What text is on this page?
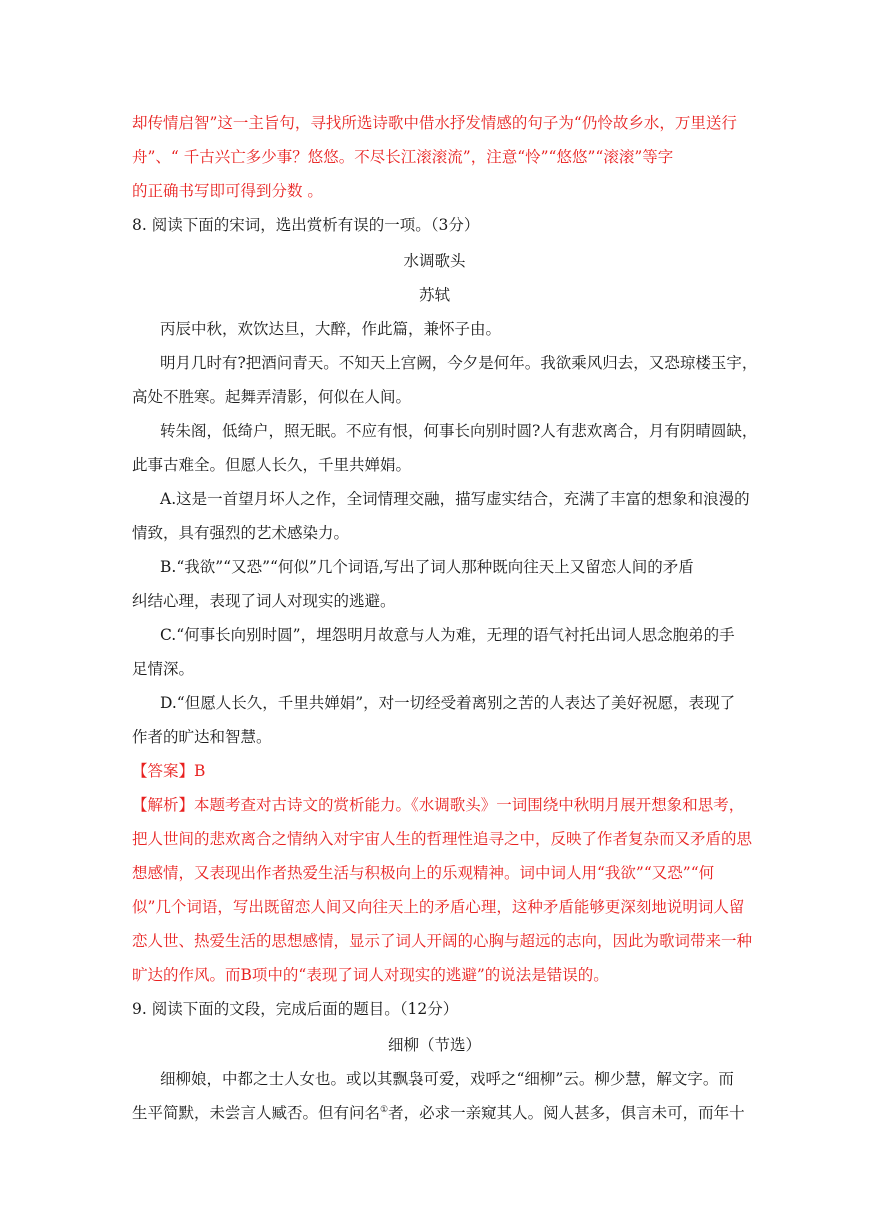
却传情启智”这一主旨句，寻找所选诗歌中借水抒发情感的句子为“仍怜故乡水，万里送行
舟”、“ 千古兴亡多少事？悠悠。不尽长江滚滚流”，注意“怜”“悠悠”“滚滚”等字
的正确书写即可得到分数 。
8. 阅读下面的宋词，选出赏析有误的一项。（3分）
水调歌头
苏轼
丙辰中秋，欢饮达旦，大醉，作此篇，兼怀子由。
明月几时有?把酒问青天。不知天上宫阙，今夕是何年。我欲乘风归去，又恐琼楼玉宇，
高处不胜寒。起舞弄清影，何似在人间。
转朱阁，低绮户，照无眠。不应有恨，何事长向别时圆?人有悲欢离合，月有阴晴圆缺，
此事古难全。但愿人长久，千里共婵娟。
A.这是一首望月坏人之作，全词情理交融，描写虚实结合，充满了丰富的想象和浪漫的
情致，具有强烈的艺术感染力。
B.“我欲”“又恐”“何似”几个词语,写出了词人那种既向往天上又留恋人间的矛盾
纠结心理，表现了词人对现实的逃避。
C.“何事长向别时圆”，埋怨明月故意与人为难，无理的语气衬托出词人思念胞弟的手
足情深。
D.“但愿人长久，千里共婵娟”，对一切经受着离别之苦的人表达了美好祝愿，表现了
作者的旷达和智慧。
【答案】B
【解析】本题考查对古诗文的赏析能力。《水调歌头》一词围绕中秋明月展开想象和思考，
把人世间的悲欢离合之情纳入对宇宙人生的哲理性追寻之中，反映了作者复杂而又矛盾的思
想感情，又表现出作者热爱生活与积极向上的乐观精神。词中词人用“我欲”“又恐”“何
似”几个词语，写出既留恋人间又向往天上的矛盾心理，这种矛盾能够更深刻地说明词人留
恋人世、热爱生活的思想感情，显示了词人开阔的心胸与超远的志向，因此为歌词带来一种
旷达的作风。而B项中的“表现了词人对现实的逃避”的说法是错误的。
9. 阅读下面的文段，完成后面的题目。（12分）
细柳（节选）
细柳娘，中都之士人女也。或以其飘袅可爱，戏呼之“细柳”云。柳少慧，解文字。而
生平简默，未尝言人臧否。但有问名①者，必求一亲窥其人。阅人甚多，俱言未可，而年十
